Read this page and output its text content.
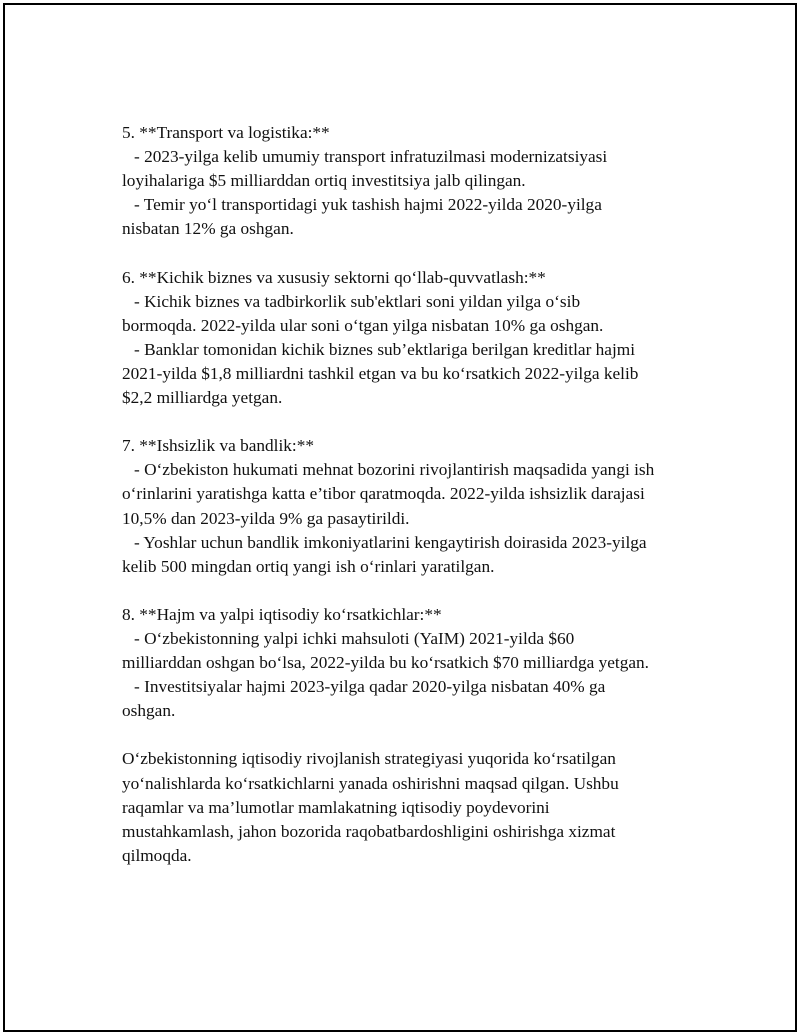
5. **Transport va logistika:**
- 2023-yilga kelib umumiy transport infratuzilmasi modernizatsiyasi
loyihalariga $5 milliarddan ortiq investitsiya jalb qilingan.
- Temir yo‘l transportidagi yuk tashish hajmi 2022-yilda 2020-yilga
nisbatan 12% ga oshgan.
6. **Kichik biznes va xususiy sektorni qo‘llab-quvvatlash:**
- Kichik biznes va tadbirkorlik sub'ektlari soni yildan yilga o‘sib
bormoqda. 2022-yilda ular soni o‘tgan yilga nisbatan 10% ga oshgan.
- Banklar tomonidan kichik biznes sub’ektlariga berilgan kreditlar hajmi
2021-yilda $1,8 milliardni tashkil etgan va bu ko‘rsatkich 2022-yilga kelib
$2,2 milliardga yetgan.
7. **Ishsizlik va bandlik:**
- O‘zbekiston hukumati mehnat bozorini rivojlantirish maqsadida yangi ish
o‘rinlarini yaratishga katta e’tibor qaratmoqda. 2022-yilda ishsizlik darajasi
10,5% dan 2023-yilda 9% ga pasaytirildi.
- Yoshlar uchun bandlik imkoniyatlarini kengaytirish doirasida 2023-yilga
kelib 500 mingdan ortiq yangi ish o‘rinlari yaratilgan.
8. **Hajm va yalpi iqtisodiy ko‘rsatkichlar:**
- O‘zbekistonning yalpi ichki mahsuloti (YaIM) 2021-yilda $60
milliarddan oshgan bo‘lsa, 2022-yilda bu ko‘rsatkich $70 milliardga yetgan.
- Investitsiyalar hajmi 2023-yilga qadar 2020-yilga nisbatan 40% ga
oshgan.
O‘zbekistonning iqtisodiy rivojlanish strategiyasi yuqorida ko‘rsatilgan
yo‘nalishlarda ko‘rsatkichlarni yanada oshirishni maqsad qilgan. Ushbu
raqamlar va ma’lumotlar mamlakatning iqtisodiy poydevorini
mustahkamlash, jahon bozorida raqobatbardoshligini oshirishga xizmat
qilmoqda.
